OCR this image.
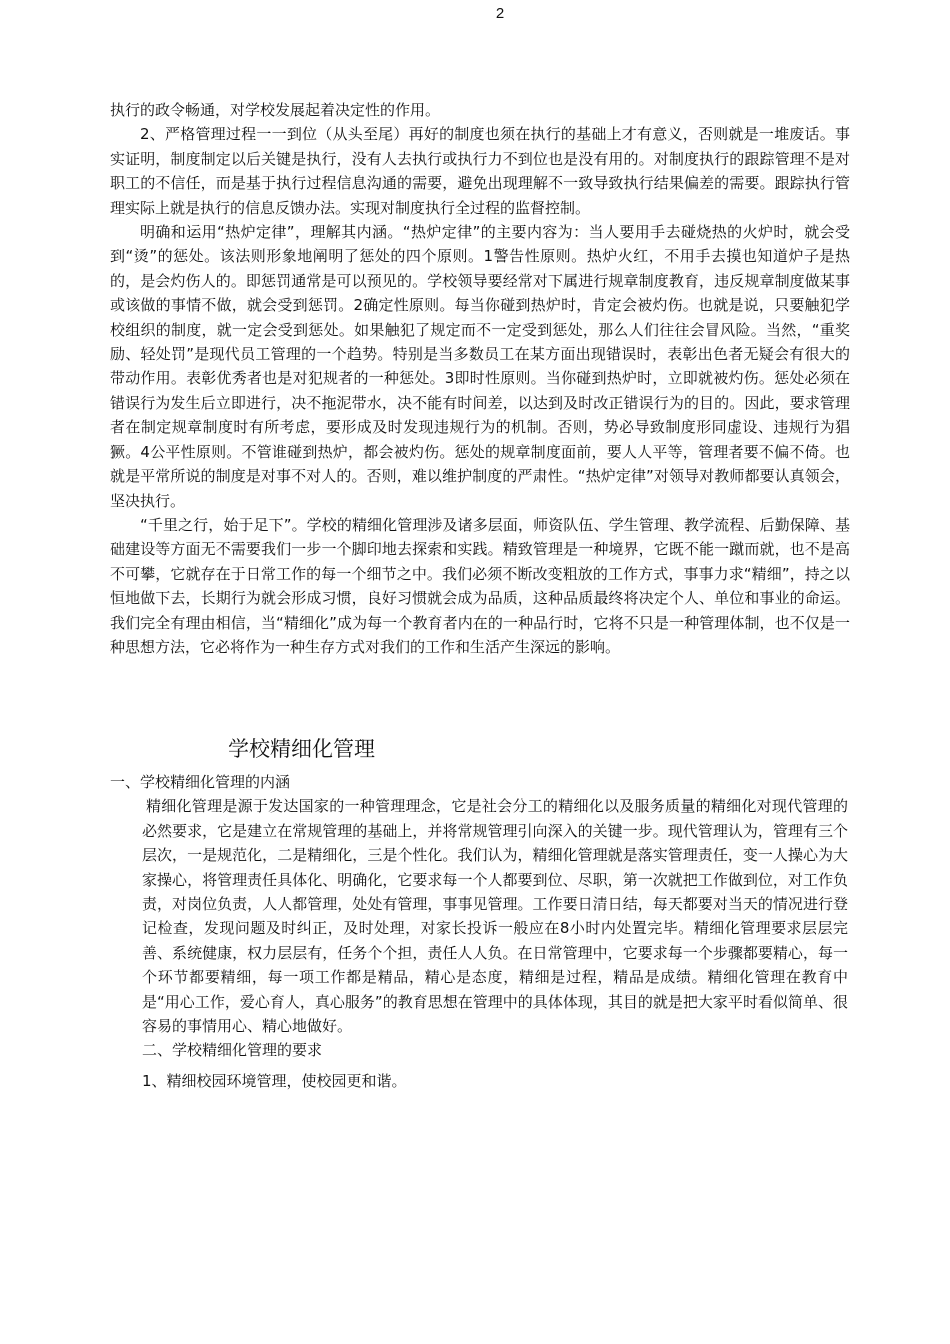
2

执行的政令畅通，对学校发展起着决定性的作用。

2、严格管理过程一一到位（从头至尾）再好的制度也须在执行的基础上才有意义，否则就是一堆废话。事实证明，制度制定以后关键是执行，没有人去执行或执行力不到位也是没有用的。对制度执行的跟踪管理不是对职工的不信任，而是基于执行过程信息沟通的需要，避免出现理解不一致导致执行结果偏差的需要。跟踪执行管理实际上就是执行的信息反馈办法。实现对制度执行全过程的监督控制。

明确和运用“热炉定律”，理解其内涵。“热炉定律”的主要内容为：当人要用手去碰烧热的火炉时，就会受到“烫”的惩处。该法则形象地阐明了惩处的四个原则。1警告性原则。热炉火红，不用手去摸也知道炉子是热的，是会灼伤人的。即惩罚通常是可以预见的。学校领导要经常对下属进行规章制度教育，违反规章制度做某事或该做的事情不做，就会受到惩罚。2确定性原则。每当你碰到热炉时，肯定会被灼伤。也就是说，只要触犯学校组织的制度，就一定会受到惩处。如果触犯了规定而不一定受到惩处，那么人们往往会冒风险。当然，“重奖励、轻处罚”是现代员工管理的一个趋势。特别是当多数员工在某方面出现错误时，表彰出色者无疑会有很大的带动作用。表彰优秀者也是对犯规者的一种惩处。3即时性原则。当你碰到热炉时，立即就被灼伤。惩处必须在错误行为发生后立即进行，决不拖泥带水，决不能有时间差，以达到及时改正错误行为的目的。因此，要求管理者在制定规章制度时有所考虑，要形成及时发现违规行为的机制。否则，势必导致制度形同虚设、违规行为猖獗。4公平性原则。不管谁碰到热炉，都会被灼伤。惩处的规章制度面前，要人人平等，管理者要不偏不倚。也就是平常所说的制度是对事不对人的。否则，难以维护制度的严肃性。“热炉定律”对领导对教师都要认真领会，坚决执行。

“千里之行，始于足下”。学校的精细化管理涉及诸多层面，师资队伍、学生管理、教学流程、后勤保障、基础建设等方面无不需要我们一步一个脚印地去探索和实践。精致管理是一种境界，它既不能一蹴而就，也不是高不可攀，它就存在于日常工作的每一个细节之中。我们必须不断改变粗放的工作方式，事事力求“精细”，持之以恒地做下去，长期行为就会形成习惯，良好习惯就会成为品质，这种品质最终将决定个人、单位和事业的命运。我们完全有理由相信，当“精细化”成为每一个教育者内在的一种品行时，它将不只是一种管理体制，也不仅是一种思想方法，它必将作为一种生存方式对我们的工作和生活产生深远的影响。

学校精细化管理

一、学校精细化管理的内涵

精细化管理是源于发达国家的一种管理理念，它是社会分工的精细化以及服务质量的精细化对现代管理的必然要求，它是建立在常规管理的基础上，并将常规管理引向深入的关键一步。现代管理认为，管理有三个层次，一是规范化，二是精细化，三是个性化。我们认为，精细化管理就是落实管理责任，变一人操心为大家操心，将管理责任具体化、明确化，它要求每一个人都要到位、尽职，第一次就把工作做到位，对工作负责，对岗位负责，人人都管理，处处有管理，事事见管理。工作要日清日结，每天都要对当天的情况进行登记检查，发现问题及时纠正，及时处理，对家长投诉一般应在8小时内处置完毕。精细化管理要求层层完善、系统健康，权力层层有，任务个个担，责任人人负。在日常管理中，它要求每一个步骤都要精心，每一个环节都要精细，每一项工作都是精品，精心是态度，精细是过程，精品是成绩。精细化管理在教育中是“用心工作，爱心育人，真心服务”的教育思想在管理中的具体体现，其目的就是把大家平时看似简单、很容易的事情用心、精心地做好。

二、学校精细化管理的要求

1、精细校园环境管理，使校园更和谐。
